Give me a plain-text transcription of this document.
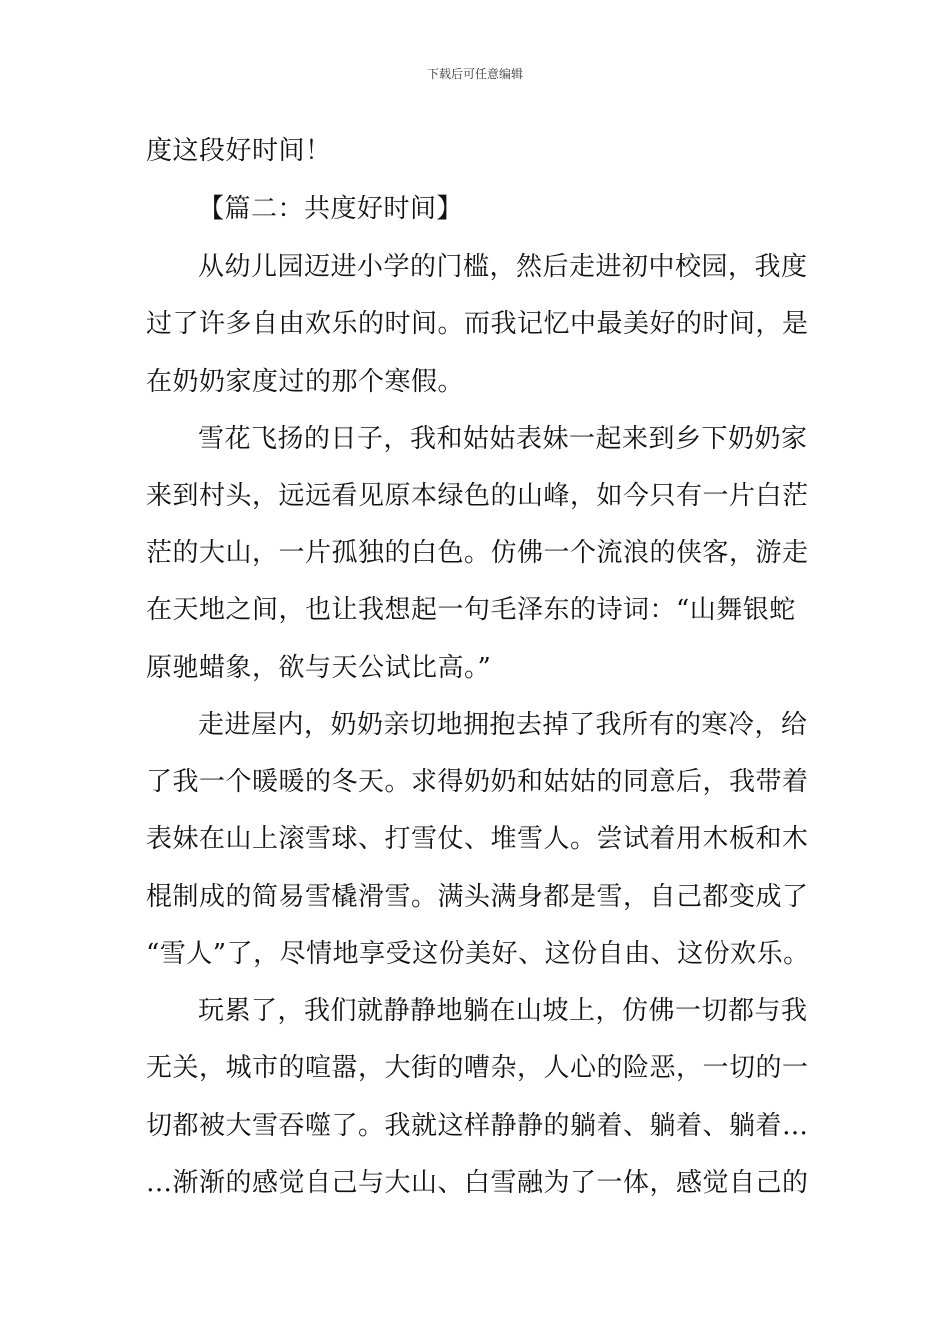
下载后可任意编辑
度这段好时间！
【篇二：共度好时间】
从幼儿园迈进小学的门槛，然后走进初中校园，我度
过了许多自由欢乐的时间。而我记忆中最美好的时间，是
在奶奶家度过的那个寒假。
雪花飞扬的日子，我和姑姑表妹一起来到乡下奶奶家
来到村头，远远看见原本绿色的山峰，如今只有一片白茫
茫的大山，一片孤独的白色。仿佛一个流浪的侠客，游走
在天地之间，也让我想起一句毛泽东的诗词：“山舞银蛇
原驰蜡象，欲与天公试比高。”
走进屋内，奶奶亲切地拥抱去掉了我所有的寒冷，给
了我一个暖暖的冬天。求得奶奶和姑姑的同意后，我带着
表妹在山上滚雪球、打雪仗、堆雪人。尝试着用木板和木
棍制成的简易雪橇滑雪。满头满身都是雪，自己都变成了
“雪人”了，尽情地享受这份美好、这份自由、这份欢乐。
玩累了，我们就静静地躺在山坡上，仿佛一切都与我
无关，城市的喧嚣，大街的嘈杂，人心的险恶，一切的一
切都被大雪吞噬了。我就这样静静的躺着、躺着、躺着…
…渐渐的感觉自己与大山、白雪融为了一体，感觉自己的
